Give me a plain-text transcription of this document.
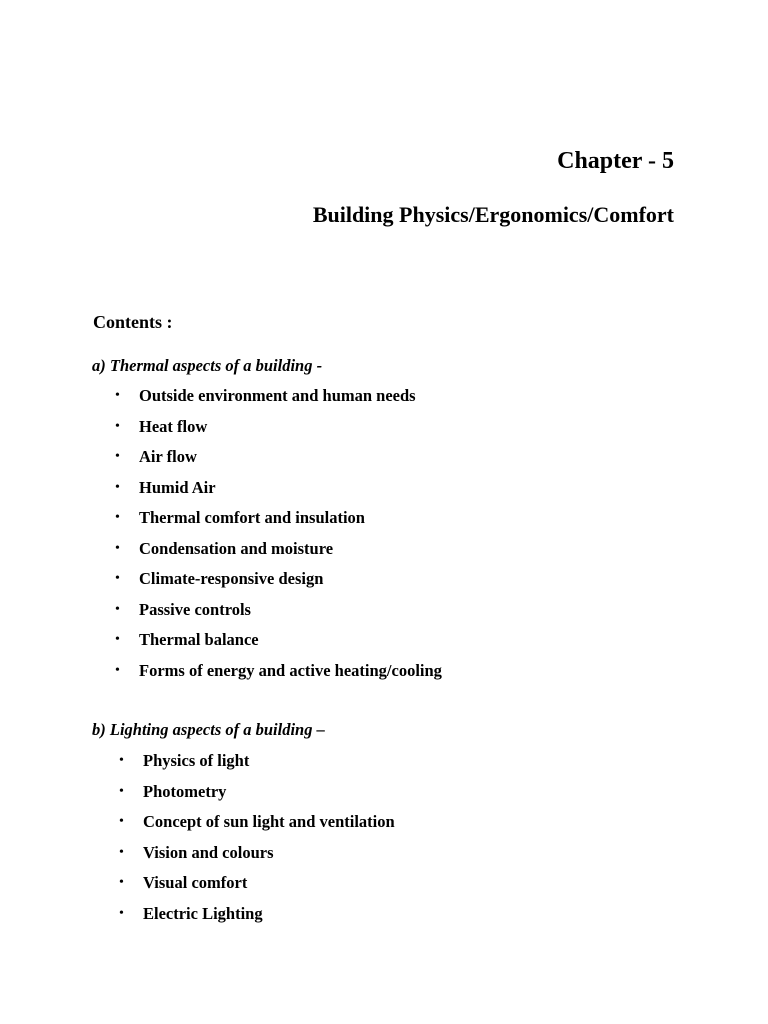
Chapter - 5
Building Physics/Ergonomics/Comfort
Contents :
a) Thermal aspects of a building -
•	Outside environment and human needs
•	Heat flow
•	Air flow
•	Humid Air
•	Thermal comfort and insulation
•	Condensation and moisture
•	Climate-responsive design
•	Passive controls
•	Thermal balance
•	Forms of energy and active heating/cooling
b) Lighting aspects of a building –
•	Physics of light
•	Photometry
•	Concept of sun light and ventilation
•	Vision and colours
•	Visual comfort
•	Electric Lighting
